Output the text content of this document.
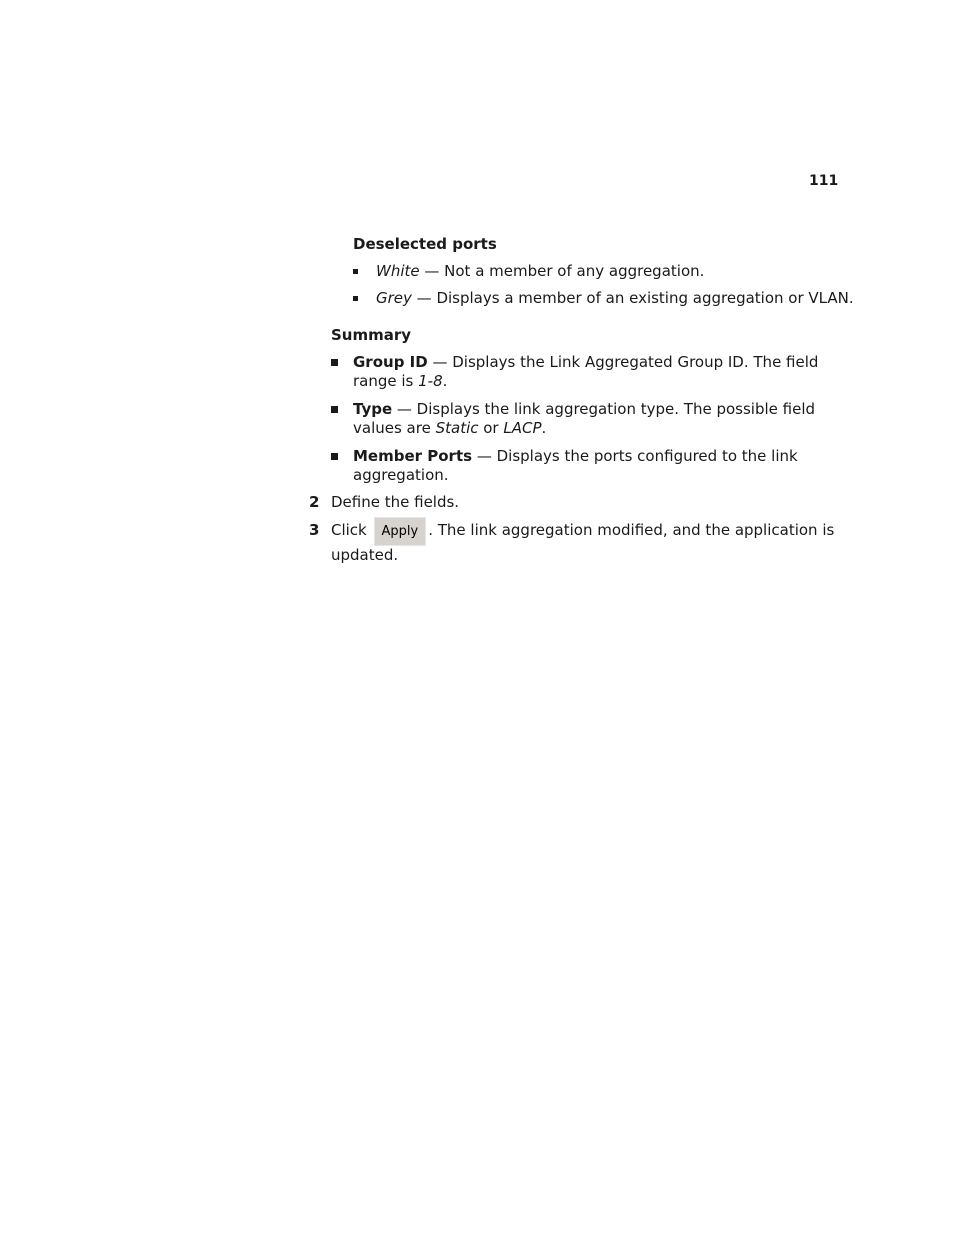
111
Deselected ports
White — Not a member of any aggregation.
Grey — Displays a member of an existing aggregation or VLAN.
Summary
Group ID — Displays the Link Aggregated Group ID. The field range is 1-8.
Type — Displays the link aggregation type. The possible field values are Static or LACP.
Member Ports — Displays the ports configured to the link aggregation.
2 Define the fields.
3 Click Apply . The link aggregation modified, and the application is updated.
